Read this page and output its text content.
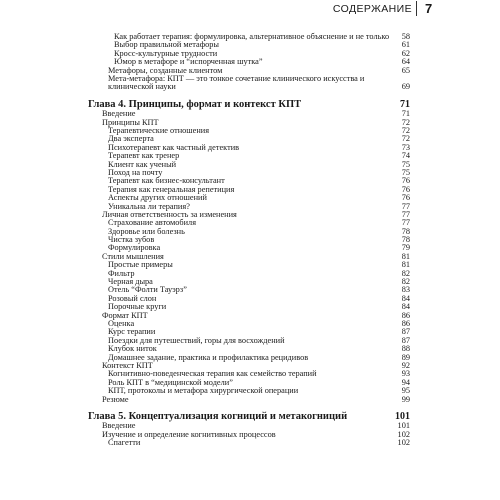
СОДЕРЖАНИЕ 7
Как работает терапия: формулировка, альтернативное объяснение и не только 58
Выбор правильной метафоры	61
Кросс-культурные трудности	62
Юмор в метафоре и “испорченная шутка”	64
Метафоры, созданные клиентом	65
Мета-метафора: КПТ — это тонкое сочетание клинического искусства и
клинической науки	69
Глава 4. Принципы, формат и контекст КПТ	71
Введение	71
Принципы КПТ	72
Терапевтические отношения	72
Два эксперта	72
Психотерапевт как частный детектив	73
Терапевт как тренер	74
Клиент как ученый	75
Поход на почту	75
Терапевт как бизнес-консультант	76
Терапия как генеральная репетиция	76
Аспекты других отношений	76
Уникальна ли терапия?	77
Личная ответственность за изменения	77
Страхование автомобиля	77
Здоровье или болезнь	78
Чистка зубов	78
Формулировка	79
Стили мышления	81
Простые примеры	81
Фильтр	82
Черная дыра	82
Отель “Фолти Тауэрз”	83
Розовый слон	84
Порочные круги	84
Формат КПТ	86
Оценка	86
Курс терапии	87
Поездки для путешествий, горы для восхождений	87
Клубок ниток	88
Домашнее задание, практика и профилактика рецидивов	89
Контекст КПТ	92
Когнитивно-поведенческая терапия как семейство терапий	93
Роль КПТ в “медицинской модели”	94
КПТ, протоколы и метафора хирургической операции	95
Резюме	99
Глава 5. Концептуализация когниций и метакогниций	101
Введение	101
Изучение и определение когнитивных процессов	102
Спагетти	102
